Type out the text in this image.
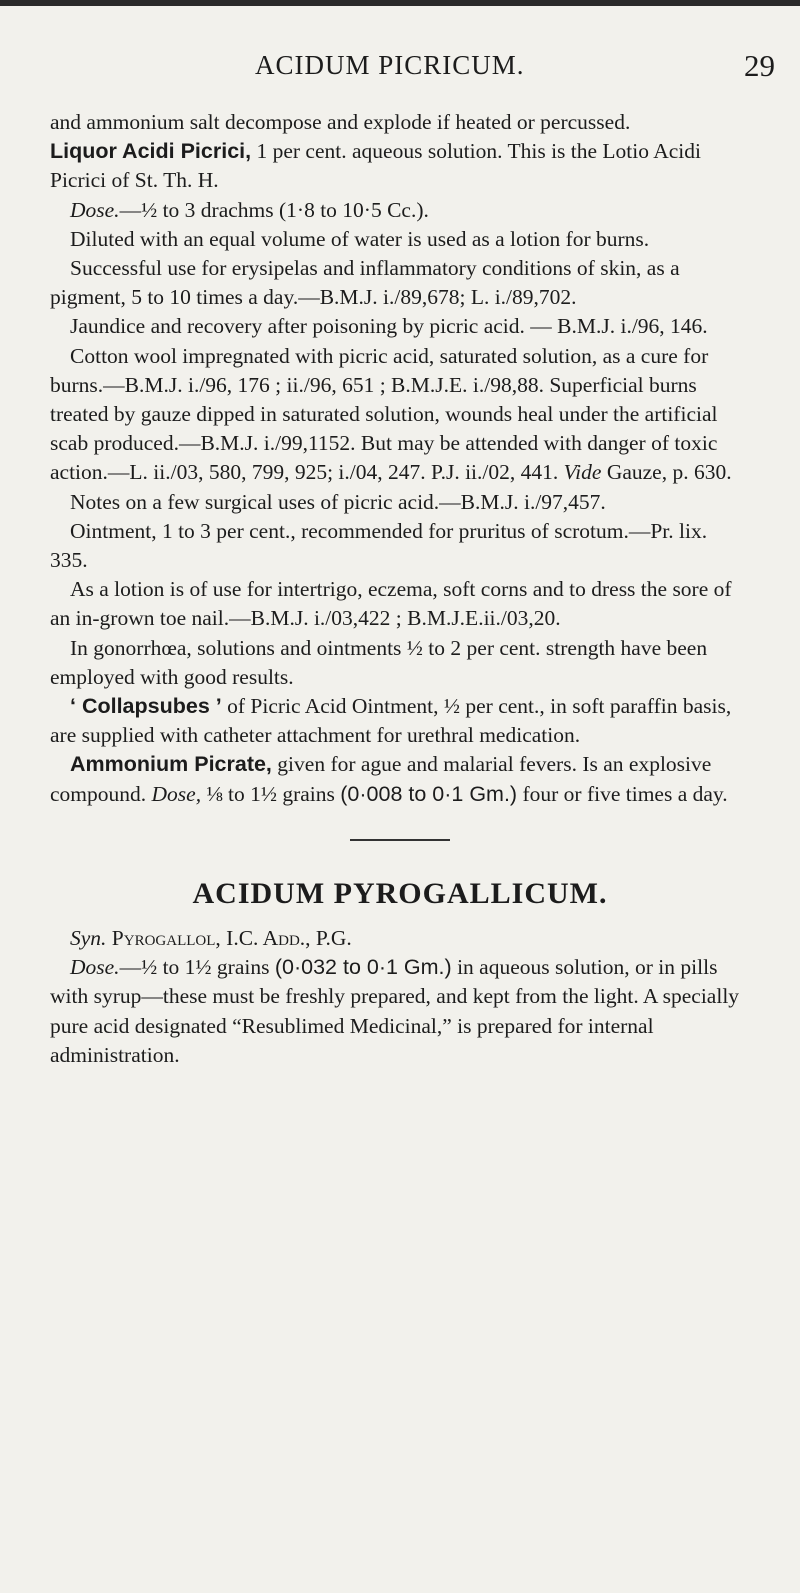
ACIDUM PICRICUM.	29

and ammonium salt decompose and explode if heated or percussed.

Liquor Acidi Picrici, 1 per cent. aqueous solution. This is the Lotio Acidi Picrici of St. Th. H.

Dose.—½ to 3 drachms (1·8 to 10·5 Cc.).

Diluted with an equal volume of water is used as a lotion for burns.

Successful use for erysipelas and inflammatory conditions of skin, as a pigment, 5 to 10 times a day.—B.M.J. i./89,678; L. i./89,702.

Jaundice and recovery after poisoning by picric acid. — B.M.J. i./96, 146.

Cotton wool impregnated with picric acid, saturated solution, as a cure for burns.—B.M.J. i./96, 176 ; ii./96, 651 ; B.M.J.E. i./98,88. Superficial burns treated by gauze dipped in saturated solution, wounds heal under the artificial scab produced.—B.M.J. i./99,1152. But may be attended with danger of toxic action.—L. ii./03, 580, 799, 925; i./04, 247. P.J. ii./02, 441. Vide Gauze, p. 630.

Notes on a few surgical uses of picric acid.—B.M.J. i./97,457.

Ointment, 1 to 3 per cent., recommended for pruritus of scrotum.—Pr. lix. 335.

As a lotion is of use for intertrigo, eczema, soft corns and to dress the sore of an in-grown toe nail.—B.M.J. i./03,422 ; B.M.J.E.ii./03,20.

In gonorrhœa, solutions and ointments ½ to 2 per cent. strength have been employed with good results.

‘ Collapsubes ’ of Picric Acid Ointment, ½ per cent., in soft paraffin basis, are supplied with catheter attachment for urethral medication.

Ammonium Picrate, given for ague and malarial fevers. Is an explosive compound. Dose, ⅛ to 1½ grains (0·008 to 0·1 Gm.) four or five times a day.

ACIDUM PYROGALLICUM.

Syn. Pyrogallol, I.C. Add., P.G.

Dose.—½ to 1½ grains (0·032 to 0·1 Gm.) in aqueous solution, or in pills with syrup—these must be freshly prepared, and kept from the light. A specially pure acid designated “Resublimed Medicinal,” is prepared for internal administration.
